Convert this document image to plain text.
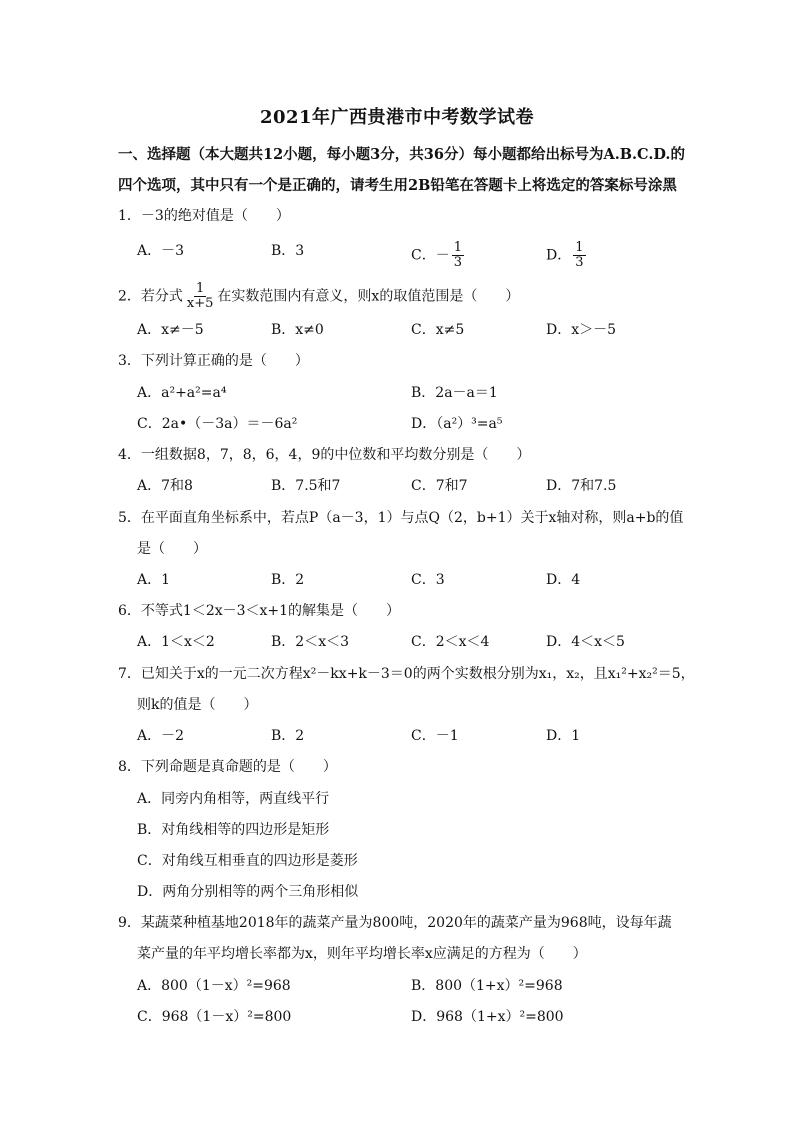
2021年广西贵港市中考数学试卷
一、选择题（本大题共12小题，每小题3分，共36分）每小题都给出标号为A.B.C.D.的
四个选项，其中只有一个是正确的，请考生用2B铅笔在答题卡上将选定的答案标号涂黑
1．－3的绝对值是（　　）
A．－3	B．3	C．－ $\frac{1}{3}$	D． $\frac{1}{3}$
2．若分式 $\frac{1}{x+5}$ 在实数范围内有意义，则x的取值范围是（　　）
A．x≠－5	B．x≠0	C．x≠5	D．x＞－5
3．下列计算正确的是（　　）
A．a²+a²=a⁴	B．2a－a＝1
C．2a•（－3a）＝－6a²	D．（a²）³=a⁵
4．一组数据8，7，8，6，4，9的中位数和平均数分别是（　　）
A．7和8	B．7.5和7	C．7和7	D．7和7.5
5．在平面直角坐标系中，若点P（a－3，1）与点Q（2，b+1）关于x轴对称，则a+b的值
是（　　）
A．1	B．2	C．3	D．4
6．不等式1＜2x－3＜x+1的解集是（　　）
A．1＜x＜2	B．2＜x＜3	C．2＜x＜4	D．4＜x＜5
7．已知关于x的一元二次方程x²－kx+k－3＝0的两个实数根分别为x₁，x₂，且x₁²+x₂²＝5，
则k的值是（　　）
A．－2	B．2	C．－1	D．1
8．下列命题是真命题的是（　　）
A．同旁内角相等，两直线平行
B．对角线相等的四边形是矩形
C．对角线互相垂直的四边形是菱形
D．两角分别相等的两个三角形相似
9．某蔬菜种植基地2018年的蔬菜产量为800吨，2020年的蔬菜产量为968吨，设每年蔬
菜产量的年平均增长率都为x，则年平均增长率x应满足的方程为（　　）
A．800（1－x）²=968	B．800（1+x）²=968
C．968（1－x）²=800	D．968（1+x）²=800
